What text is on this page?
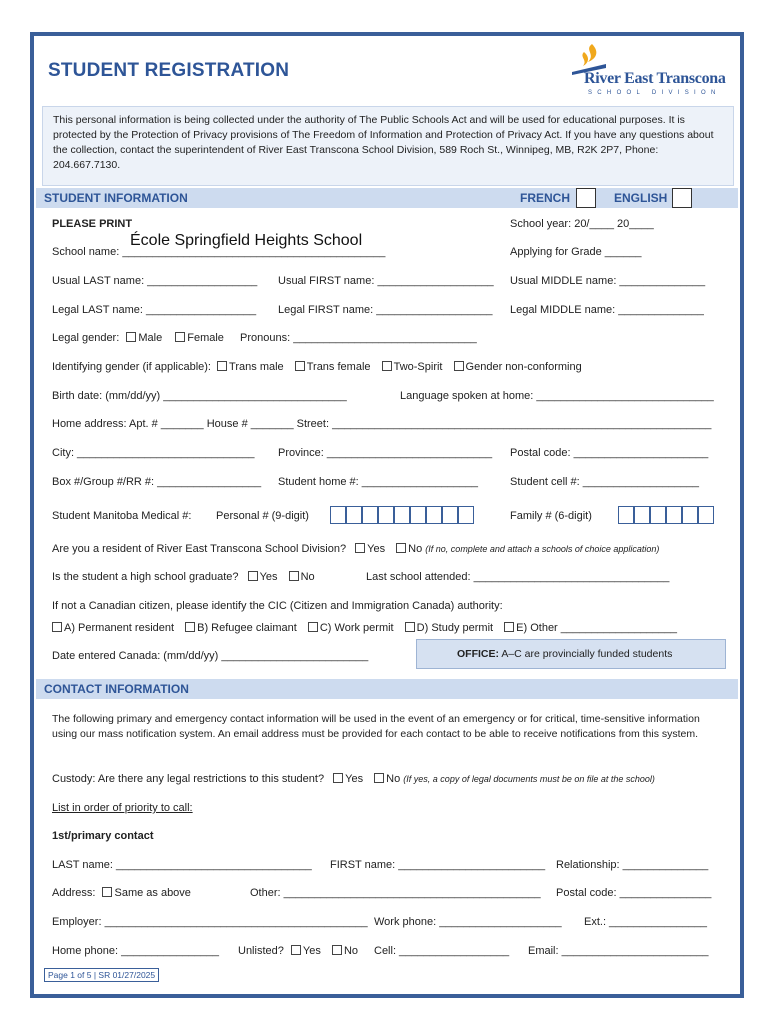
STUDENT REGISTRATION	River East Transcona
SCHOOL DIVISION
This personal information is being collected under the authority of The Public Schools Act and will be used for educational purposes. It is protected by the Protection of Privacy provisions of The Freedom of Information and Protection of Privacy Act. If you have any questions about the collection, contact the superintendent of River East Transcona School Division, 589 Roch St., Winnipeg, MB, R2K 2P7, Phone: 204.667.7130.
STUDENT INFORMATION	FRENCH	ENGLISH
PLEASE PRINT	School year: 20/____ 20____
School name: ___________________________________________
École Springfield Heights School
Applying for Grade ______
Usual LAST name: __________________ Usual FIRST name: ___________________ Usual MIDDLE name: ______________
Legal LAST name: __________________ Legal FIRST name: ___________________ Legal MIDDLE name: ______________
Legal gender: Male Female Pronouns: ______________________________
Identifying gender (if applicable): Trans male Trans female Two-Spirit Gender non-conforming
Birth date: (mm/dd/yy) ______________________________	Language spoken at home: _____________________________
Home address: Apt. # _______ House # _______ Street: ______________________________________________________________
City: _____________________________ Province: ___________________________ Postal code: ______________________
Box #/Group #/RR #: _________________ Student home #: ___________________	Student cell #: ___________________
Student Manitoba Medical #: Personal # (9-digit)	Family # (6-digit)
Are you a resident of River East Transcona School Division? Yes No (If no, complete and attach a schools of choice application)
Is the student a high school graduate? Yes No	Last school attended: ________________________________
If not a Canadian citizen, please identify the CIC (Citizen and Immigration Canada) authority:
A) Permanent resident B) Refugee claimant C) Work permit D) Study permit E) Other ___________________
Date entered Canada: (mm/dd/yy) ________________________	OFFICE: A–C are provincially funded students
CONTACT INFORMATION
The following primary and emergency contact information will be used in the event of an emergency or for critical, time-sensitive information using our mass notification system. An email address must be provided for each contact to be able to receive notifications from this system.
Custody: Are there any legal restrictions to this student? Yes No (If yes, a copy of legal documents must be on file at the school)
List in order of priority to call:
1st/primary contact
LAST name: ________________________________ FIRST name: ________________________ Relationship: ______________
Address: Same as above	Other: __________________________________________ Postal code: _______________
Employer: ___________________________________________ Work phone: ____________________ Ext.: ________________
Home phone: ________________ Unlisted? Yes No Cell: __________________ Email: ________________________
Page 1 of 5 | SR 01/27/2025
